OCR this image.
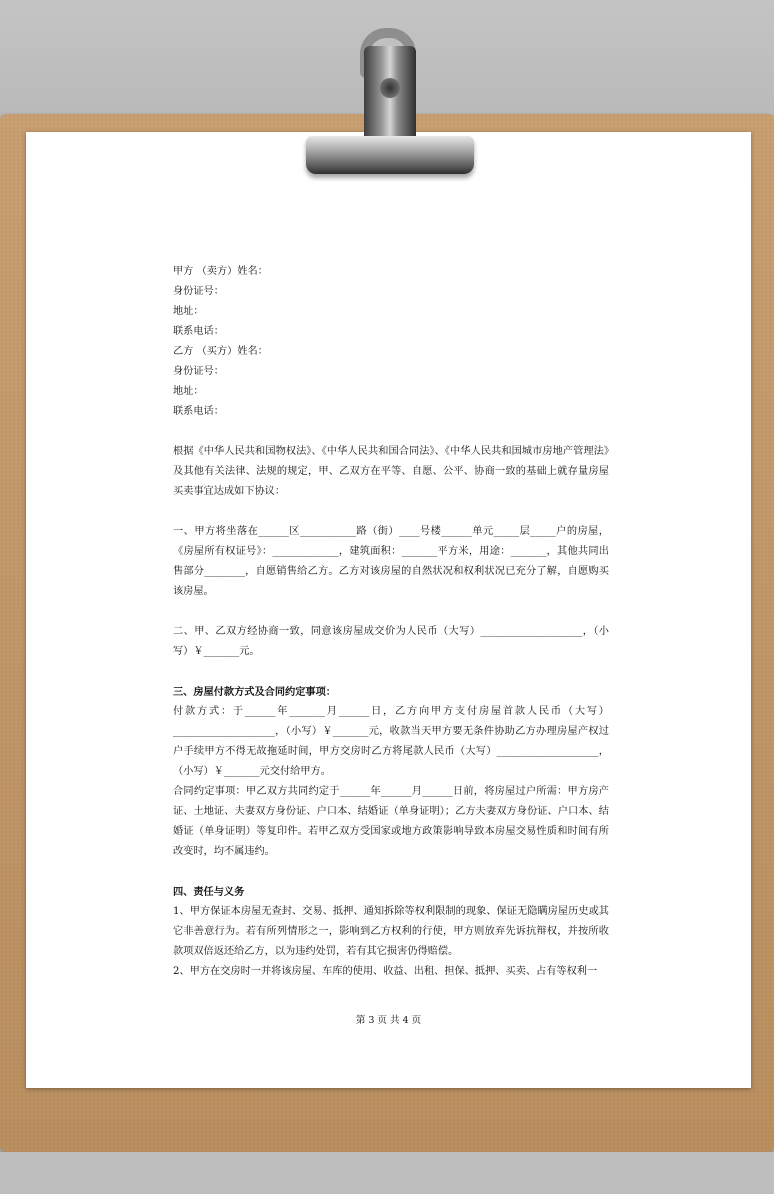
甲方 （卖方）姓名：

身份证号：

地址：

联系电话：

乙方 （买方）姓名：

身份证号：

地址：

联系电话：

根据《中华人民共和国物权法》、《中华人民共和国合同法》、《中华人民共和国城市房地产管理法》及其他有关法律、法规的规定，甲、乙双方在平等、自愿、公平、协商一致的基础上就存量房屋买卖事宜达成如下协议：

一、甲方将坐落在______区___________路（街）____号楼______单元_____层_____户的房屋，《房屋所有权证号》：_____________，建筑面积：_______平方米，用途：_______，其他共同出售部分________，自愿销售给乙方。乙方对该房屋的自然状况和权利状况已充分了解，自愿购买该房屋。

二、甲、乙双方经协商一致，同意该房屋成交价为人民币（大写）____________________，（小写）￥_______元。

三、房屋付款方式及合同约定事项：

付款方式：于______年_______月______日，乙方向甲方支付房屋首款人民币（大写）____________________，（小写）￥_______元，收款当天甲方要无条件协助乙方办理房屋产权过户手续甲方不得无故拖延时间，甲方交房时乙方将尾款人民币（大写）____________________，（小写）￥_______元交付给甲方。

合同约定事项：甲乙双方共同约定于______年______月______日前，将房屋过户所需：甲方房产证、土地证、夫妻双方身份证、户口本、结婚证（单身证明）；乙方夫妻双方身份证、户口本、结婚证（单身证明）等复印件。若甲乙双方受国家或地方政策影响导致本房屋交易性质和时间有所改变时，均不属违约。

四、责任与义务

1、甲方保证本房屋无查封、交易、抵押、通知拆除等权利限制的现象、保证无隐瞒房屋历史或其它非善意行为。若有所列情形之一，影响到乙方权利的行使，甲方则放弃先诉抗辩权，并按所收款项双倍返还给乙方，以为违约处罚，若有其它损害仍得赔偿。

2、甲方在交房时一并将该房屋、车库的使用、收益、出租、担保、抵押、买卖、占有等权利一

第 3 页 共 4 页
